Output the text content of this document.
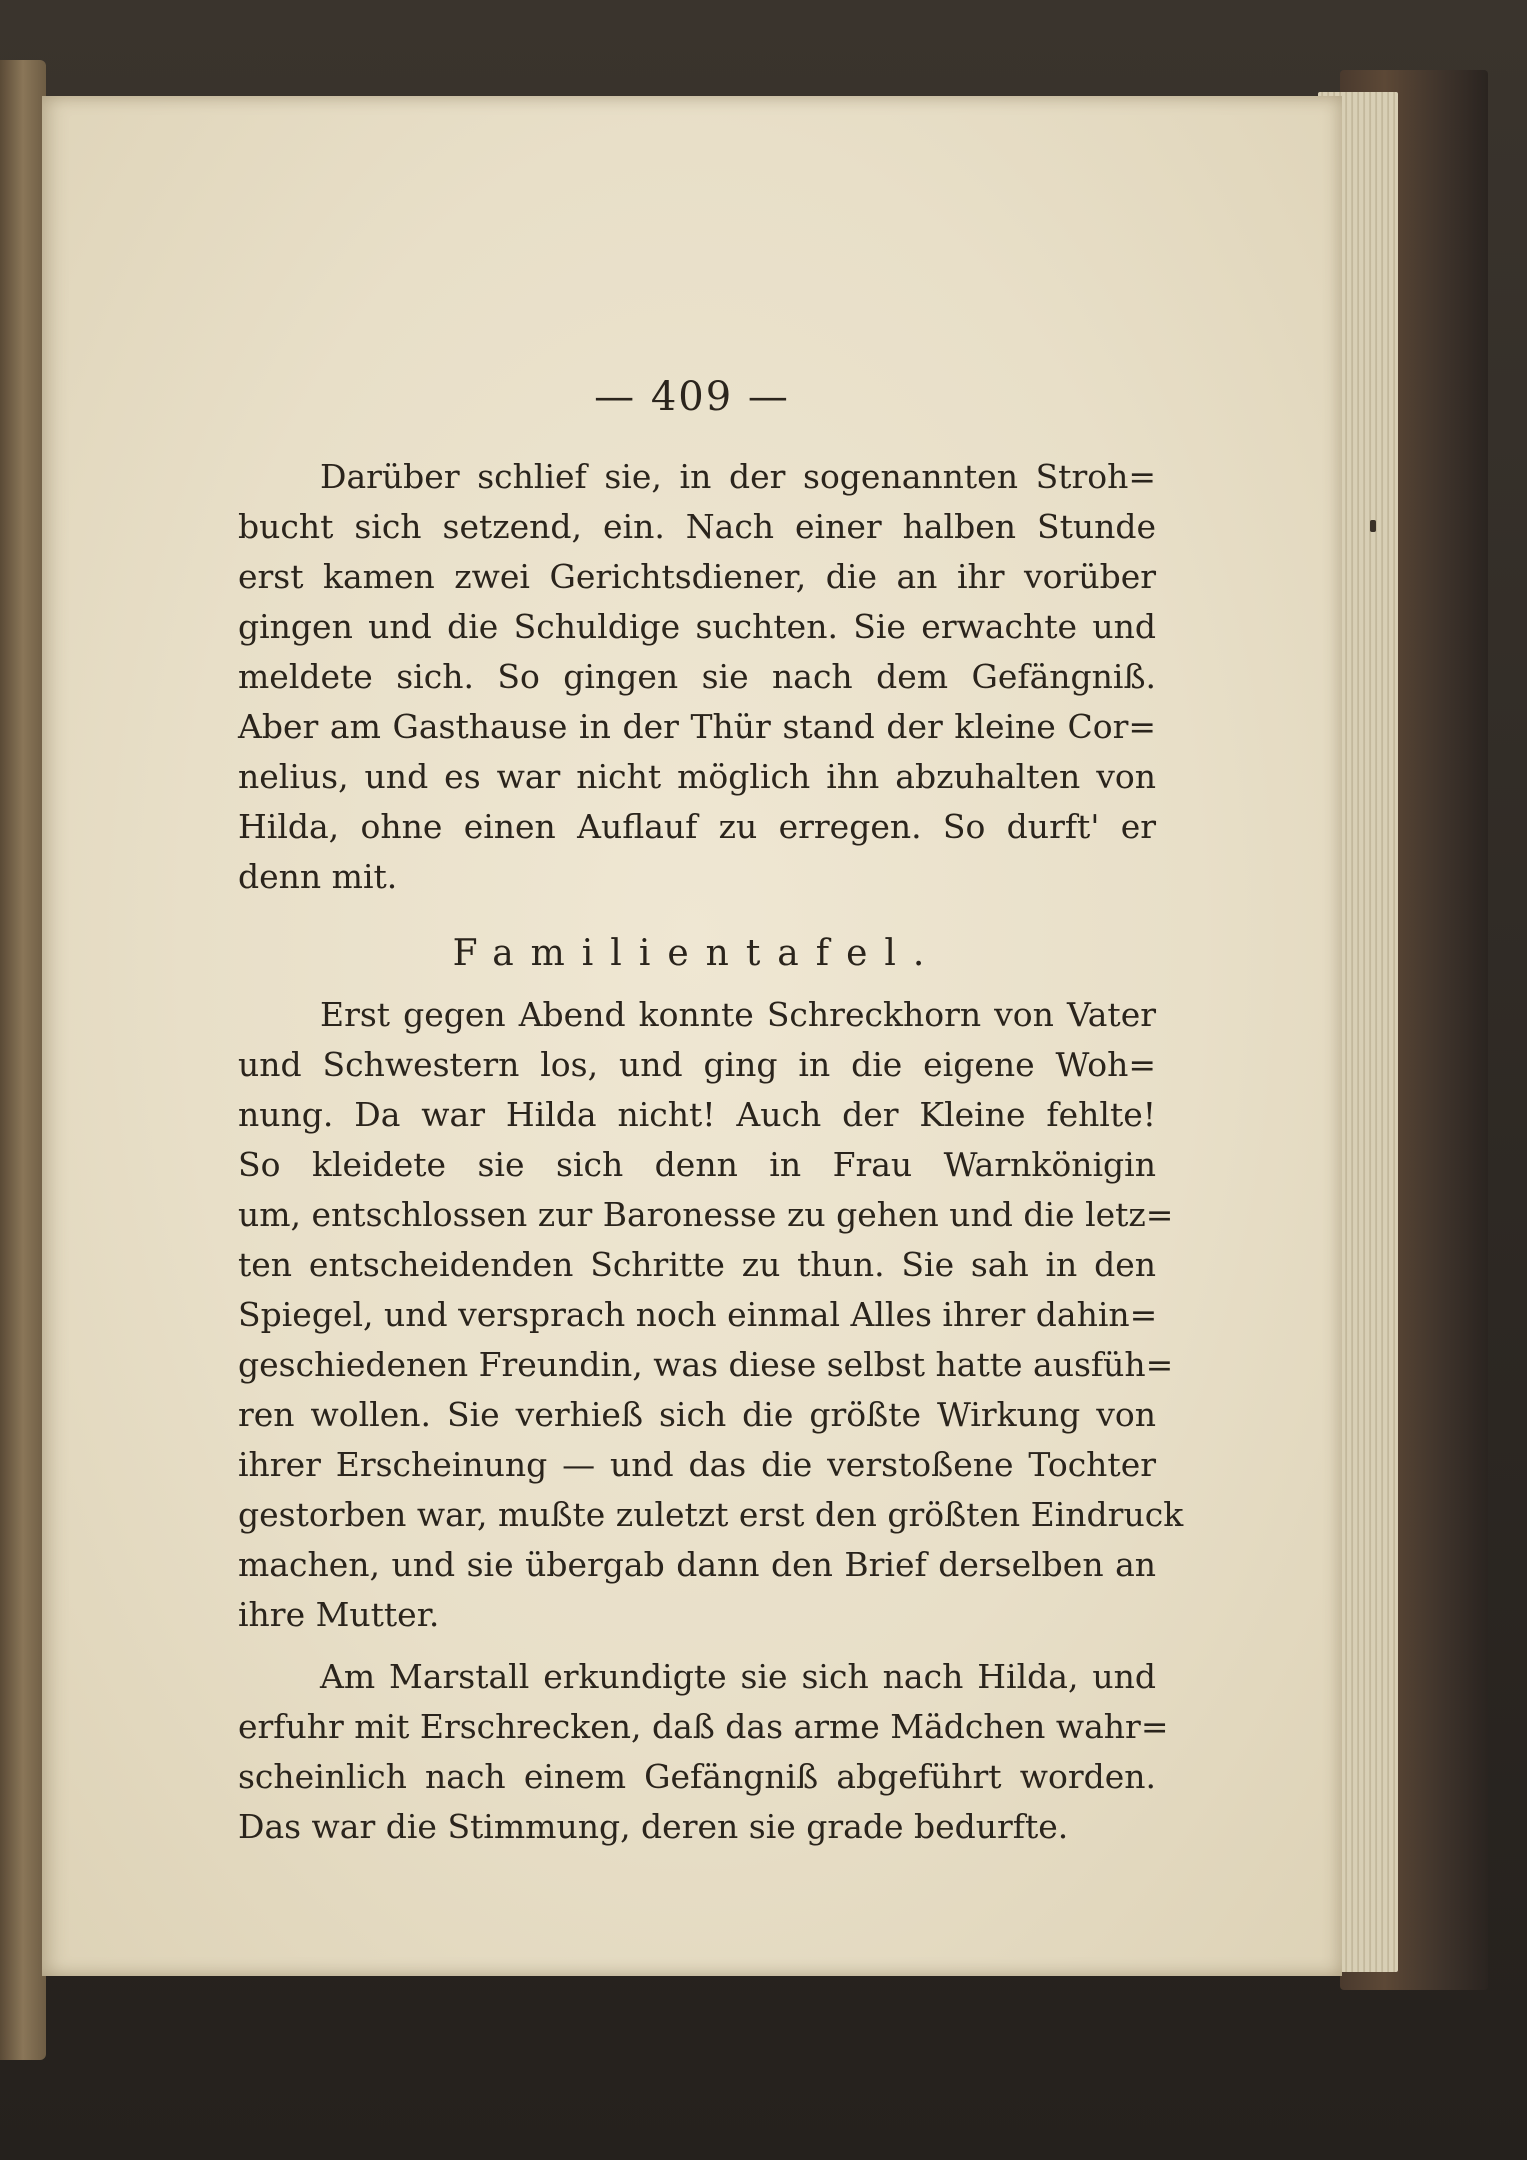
— 409 —
Darüber schlief sie, in der sogenannten Stroh=
bucht sich setzend, ein. Nach einer halben Stunde
erst kamen zwei Gerichtsdiener, die an ihr vorüber
gingen und die Schuldige suchten. Sie erwachte und
meldete sich. So gingen sie nach dem Gefängniß.
Aber am Gasthause in der Thür stand der kleine Cor=
nelius, und es war nicht möglich ihn abzuhalten von
Hilda, ohne einen Auflauf zu erregen. So durft' er
denn mit.
Familientafel.
Erst gegen Abend konnte Schreckhorn von Vater
und Schwestern los, und ging in die eigene Woh=
nung. Da war Hilda nicht! Auch der Kleine fehlte!
So kleidete sie sich denn in Frau Warnkönigin
um, entschlossen zur Baronesse zu gehen und die letz=
ten entscheidenden Schritte zu thun. Sie sah in den
Spiegel, und versprach noch einmal Alles ihrer dahin=
geschiedenen Freundin, was diese selbst hatte ausfüh=
ren wollen. Sie verhieß sich die größte Wirkung von
ihrer Erscheinung — und das die verstoßene Tochter
gestorben war, mußte zuletzt erst den größten Eindruck
machen, und sie übergab dann den Brief derselben an
ihre Mutter.
Am Marstall erkundigte sie sich nach Hilda, und
erfuhr mit Erschrecken, daß das arme Mädchen wahr=
scheinlich nach einem Gefängniß abgeführt worden.
Das war die Stimmung, deren sie grade bedurfte.
